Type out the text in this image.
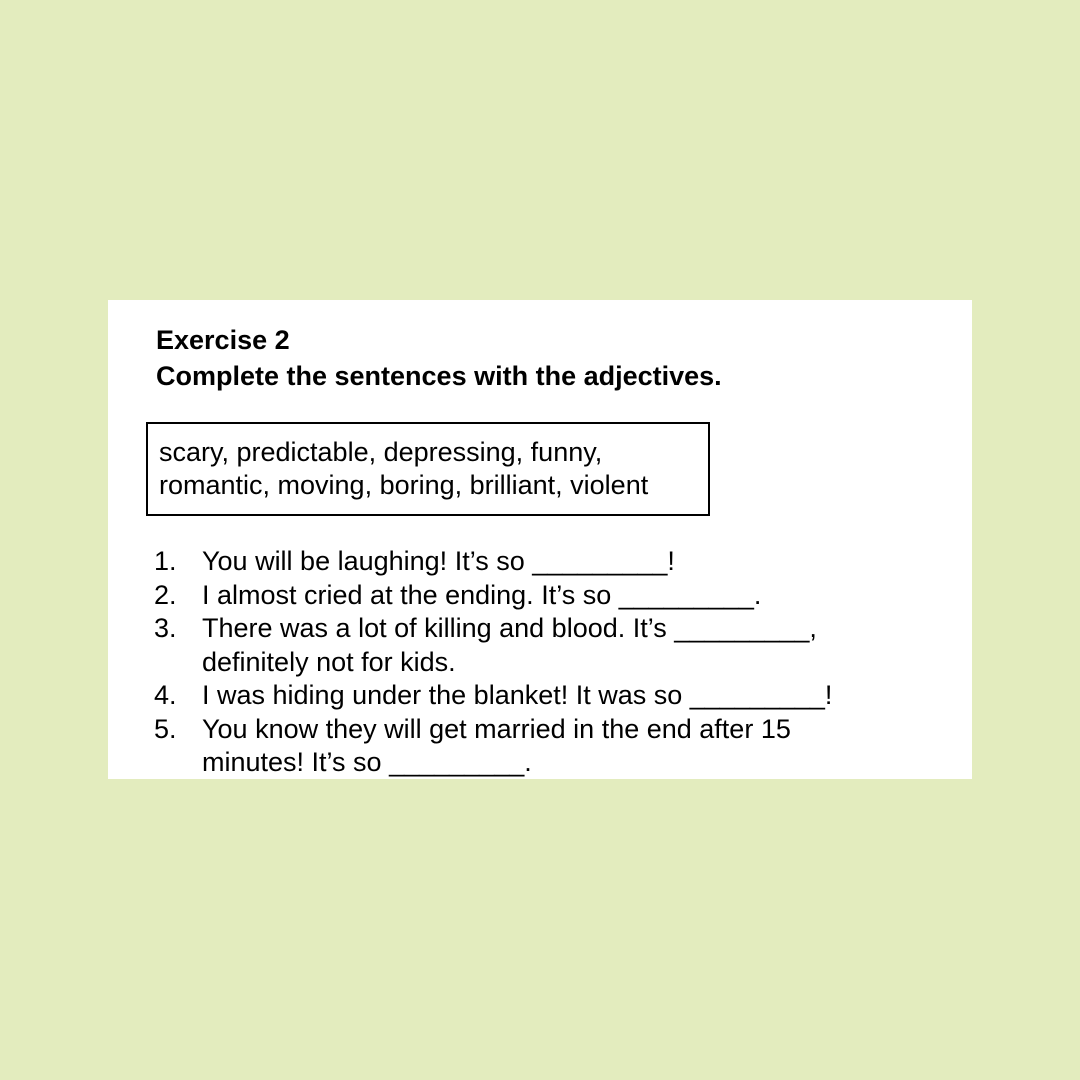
Exercise 2
Complete the sentences with the adjectives.
scary, predictable, depressing, funny,
romantic, moving, boring, brilliant, violent
1. You will be laughing! It’s so _________!
2. I almost cried at the ending. It’s so _________.
3. There was a lot of killing and blood. It’s _________,
definitely not for kids.
4. I was hiding under the blanket! It was so _________!
5. You know they will get married in the end after 15
minutes! It’s so _________.
